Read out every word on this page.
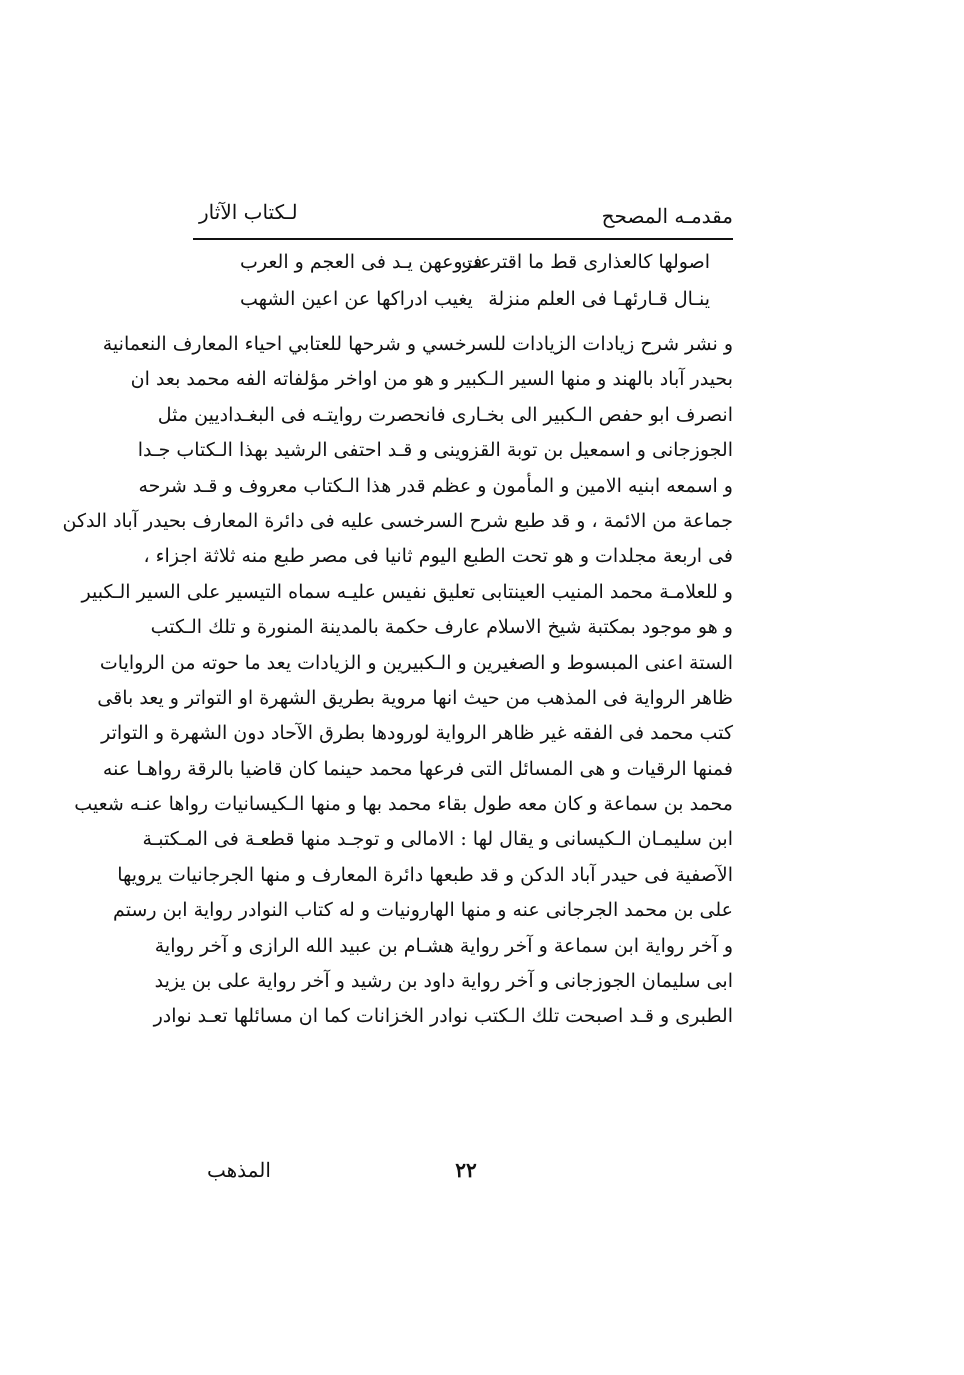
مقدمـه المصحح
لـكتاب الآثار
اصولها كالعذارى قط ما اقترعت
فروعهن يـد فى العجم و العرب
ينـال قـارئهـا فى العلم منزلة
يغيب ادراكها عن اعين الشهب
و نشر شرح زيادات الزيادات للسرخسي و شرحها للعتابي احياء المعارف النعمانية
بحيدر آباد بالهند و منها السير الـكبير و هو من اواخر مؤلفاته الفه محمد بعد ان
انصرف ابو حفص الـكبير الى بخـارى فانحصرت روايتـه فى البغـداديين مثل
الجوزجانى و اسمعيل بن توبة القزوينى و قـد احتفى الرشيد بهذا الـكتاب جـدا
و اسمعه ابنيه الامين و المأمون و عظم قدر هذا الـكتاب معروف و قـد شرحه
جماعة من الائمة ، و قد طبع شرح السرخسى عليه فى دائرة المعارف بحيدر آباد الدكن
فى اربعة مجلدات و هو تحت الطبع اليوم ثانيا فى مصر طبع منه ثلاثة اجزاء ،
و للعلامـة محمد المنيب العينتابى تعليق نفيس عليـه سماه التيسير على السير الـكبير
و هو موجود بمكتبة شيخ الاسلام عارف حكمة بالمدينة المنورة و تلك الـكتب
الستة اعنى المبسوط و الصغيرين و الـكبيرين و الزيادات يعد ما حوته من الروايات
ظاهر الرواية فى المذهب من حيث انها مروية بطريق الشهرة او التواتر و يعد باقى
كتب محمد فى الفقه غير ظاهر الرواية لورودها بطرق الآحاد دون الشهرة و التواتر
فمنها الرقيات و هى المسائل التى فرعها محمد حينما كان قاضيا بالرقة رواهـا عنه
محمد بن سماعة و كان معه طول بقاء محمد بها و منها الـكيسانيات رواها عنـه شعيب
ابن سليمـان الـكيسانى و يقال لها : الامالى و توجـد منها قطعـة فى المـكتبـة
الآصفية فى حيدر آباد الدكن و قد طبعها دائرة المعارف و منها الجرجانيات يرويها
على بن محمد الجرجانى عنه و منها الهارونيات و له كتاب النوادر رواية ابن رستم
و آخر رواية ابن سماعة و آخر رواية هشـام بن عبيد الله الرازى و آخر رواية
ابى سليمان الجوزجانى و آخر رواية داود بن رشيد و آخر رواية على بن يزيد
الطبرى و قـد اصبحت تلك الـكتب نوادر الخزانات كما ان مسائلها تعـد نوادر
٢٢
المذهب
